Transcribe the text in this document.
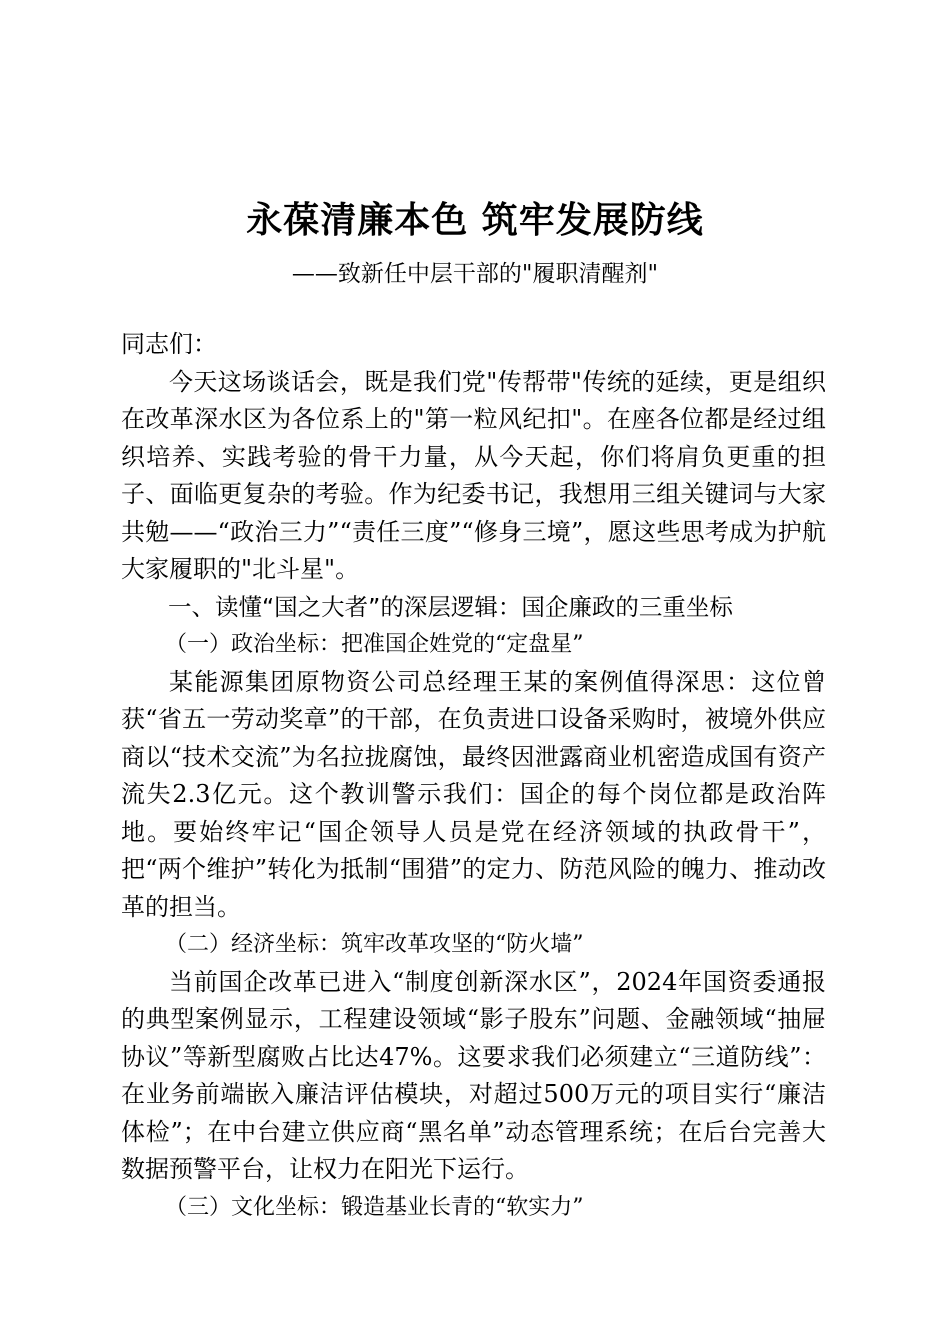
永葆清廉本色 筑牢发展防线
——致新任中层干部的"履职清醒剂"

同志们：

今天这场谈话会，既是我们党"传帮带"传统的延续，更是组织在改革深水区为各位系上的"第一粒风纪扣"。在座各位都是经过组织培养、实践考验的骨干力量，从今天起，你们将肩负更重的担子、面临更复杂的考验。作为纪委书记，我想用三组关键词与大家共勉——“政治三力”“责任三度”“修身三境”，愿这些思考成为护航大家履职的"北斗星"。

一、读懂“国之大者”的深层逻辑：国企廉政的三重坐标
（一）政治坐标：把准国企姓党的“定盘星”

某能源集团原物资公司总经理王某的案例值得深思：这位曾获“省五一劳动奖章”的干部，在负责进口设备采购时，被境外供应商以“技术交流”为名拉拢腐蚀，最终因泄露商业机密造成国有资产流失2.3亿元。这个教训警示我们：国企的每个岗位都是政治阵地。要始终牢记“国企领导人员是党在经济领域的执政骨干”，把“两个维护”转化为抵制“围猎”的定力、防范风险的魄力、推动改革的担当。

（二）经济坐标：筑牢改革攻坚的“防火墙”

当前国企改革已进入“制度创新深水区”，2024年国资委通报的典型案例显示，工程建设领域“影子股东”问题、金融领域“抽屉协议”等新型腐败占比达47%。这要求我们必须建立“三道防线”：在业务前端嵌入廉洁评估模块，对超过500万元的项目实行“廉洁体检”；在中台建立供应商“黑名单”动态管理系统；在后台完善大数据预警平台，让权力在阳光下运行。

（三）文化坐标：锻造基业长青的“软实力”
